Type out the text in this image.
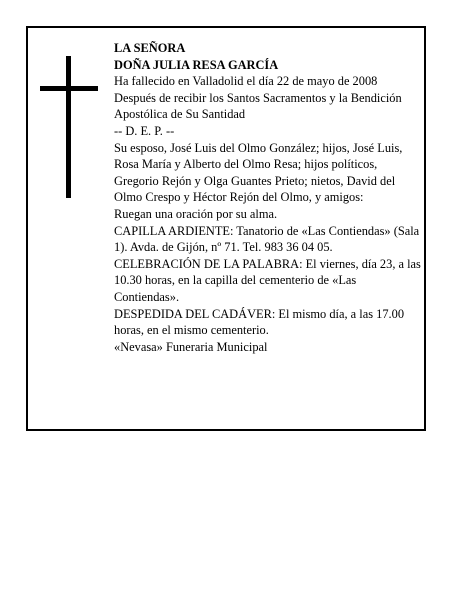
LA SEÑORA

DOÑA JULIA RESA GARCÍA

Ha fallecido en Valladolid el día 22 de mayo de 2008

Después de recibir los Santos Sacramentos y la Bendición Apostólica de Su Santidad

-- D. E. P. --

Su esposo, José Luis del Olmo González; hijos, José Luis, Rosa María y Alberto del Olmo Resa; hijos políticos, Gregorio Rejón y Olga Guantes Prieto; nietos, David del Olmo Crespo y Héctor Rejón del Olmo, y amigos:

Ruegan una oración por su alma.

CAPILLA ARDIENTE: Tanatorio de «Las Contiendas» (Sala 1). Avda. de Gijón, nº 71. Tel. 983 36 04 05.

CELEBRACIÓN DE LA PALABRA: El viernes, día 23, a las 10.30 horas, en la capilla del cementerio de «Las Contiendas».

DESPEDIDA DEL CADÁVER: El mismo día, a las 17.00 horas, en el mismo cementerio.

«Nevasa» Funeraria Municipal
